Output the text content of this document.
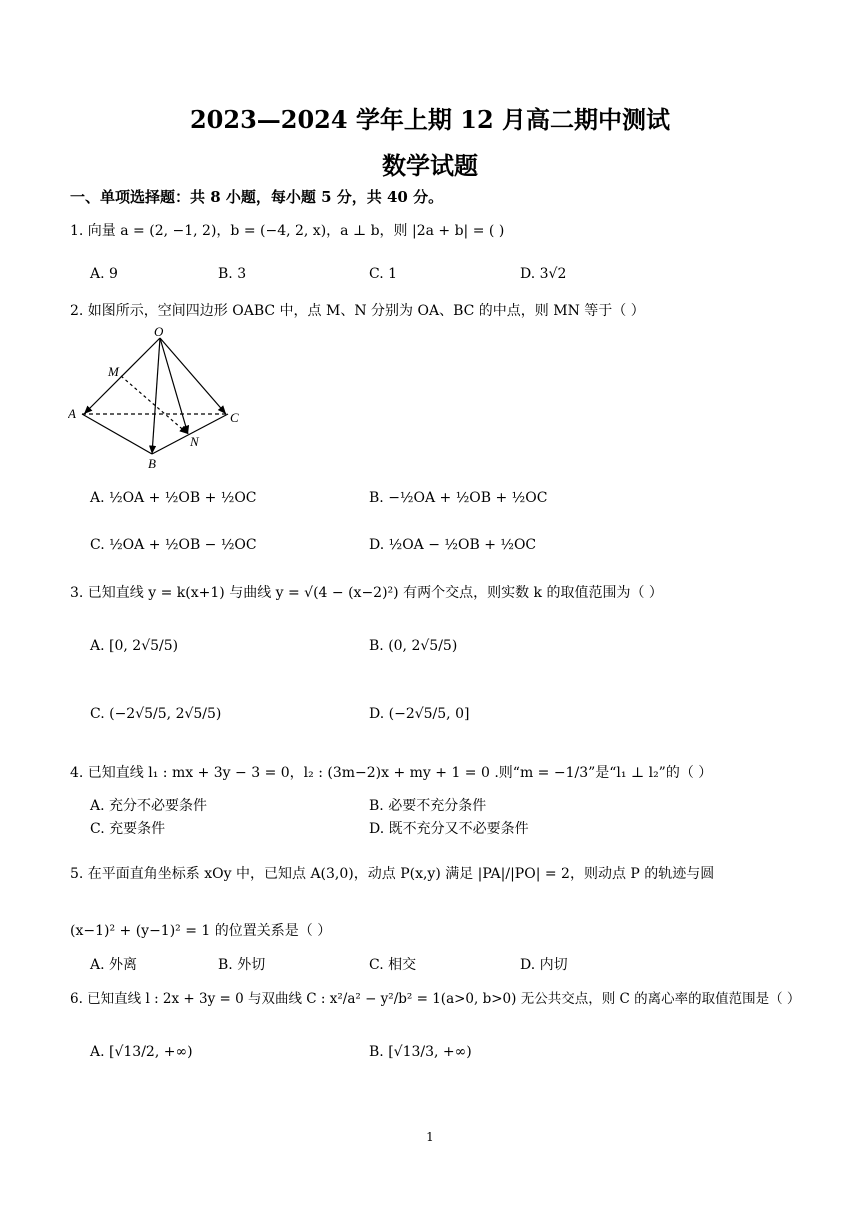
2023—2024 学年上期 12 月高二期中测试
数学试题
一、单项选择题：共 8 小题，每小题 5 分，共 40 分。
1. 向量 a = (2, −1, 2)，b = (−4, 2, x)，a ⊥ b，则 |2a + b| = ( )
A. 9	B. 3	C. 1	D. 3√2
2. 如图所示，空间四边形 OABC 中，点 M、N 分别为 OA、BC 的中点，则 MN 等于（ ）
O
M
A	C
N
B
A. ½OA + ½OB + ½OC	B. −½OA + ½OB + ½OC
C. ½OA + ½OB − ½OC	D. ½OA − ½OB + ½OC
3. 已知直线 y = k(x+1) 与曲线 y = √(4 − (x−2)²) 有两个交点，则实数 k 的取值范围为（ ）
A. [0, 2√5/5)	B. (0, 2√5/5)
C. (−2√5/5, 2√5/5)	D. (−2√5/5, 0]
4. 已知直线 l₁ : mx + 3y − 3 = 0，l₂ : (3m−2)x + my + 1 = 0 .则“m = −1/3”是“l₁ ⊥ l₂”的（ ）
A. 充分不必要条件	B. 必要不充分条件
C. 充要条件	D. 既不充分又不必要条件
5. 在平面直角坐标系 xOy 中，已知点 A(3,0)，动点 P(x,y) 满足 |PA|/|PO| = 2，则动点 P 的轨迹与圆
(x−1)² + (y−1)² = 1 的位置关系是（ ）
A. 外离	B. 外切	C. 相交	D. 内切
6. 已知直线 l : 2x + 3y = 0 与双曲线 C : x²/a² − y²/b² = 1(a>0, b>0) 无公共交点，则 C 的离心率的取值范围是（ ）
A. [√13/2, +∞)	B. [√13/3, +∞)
1
